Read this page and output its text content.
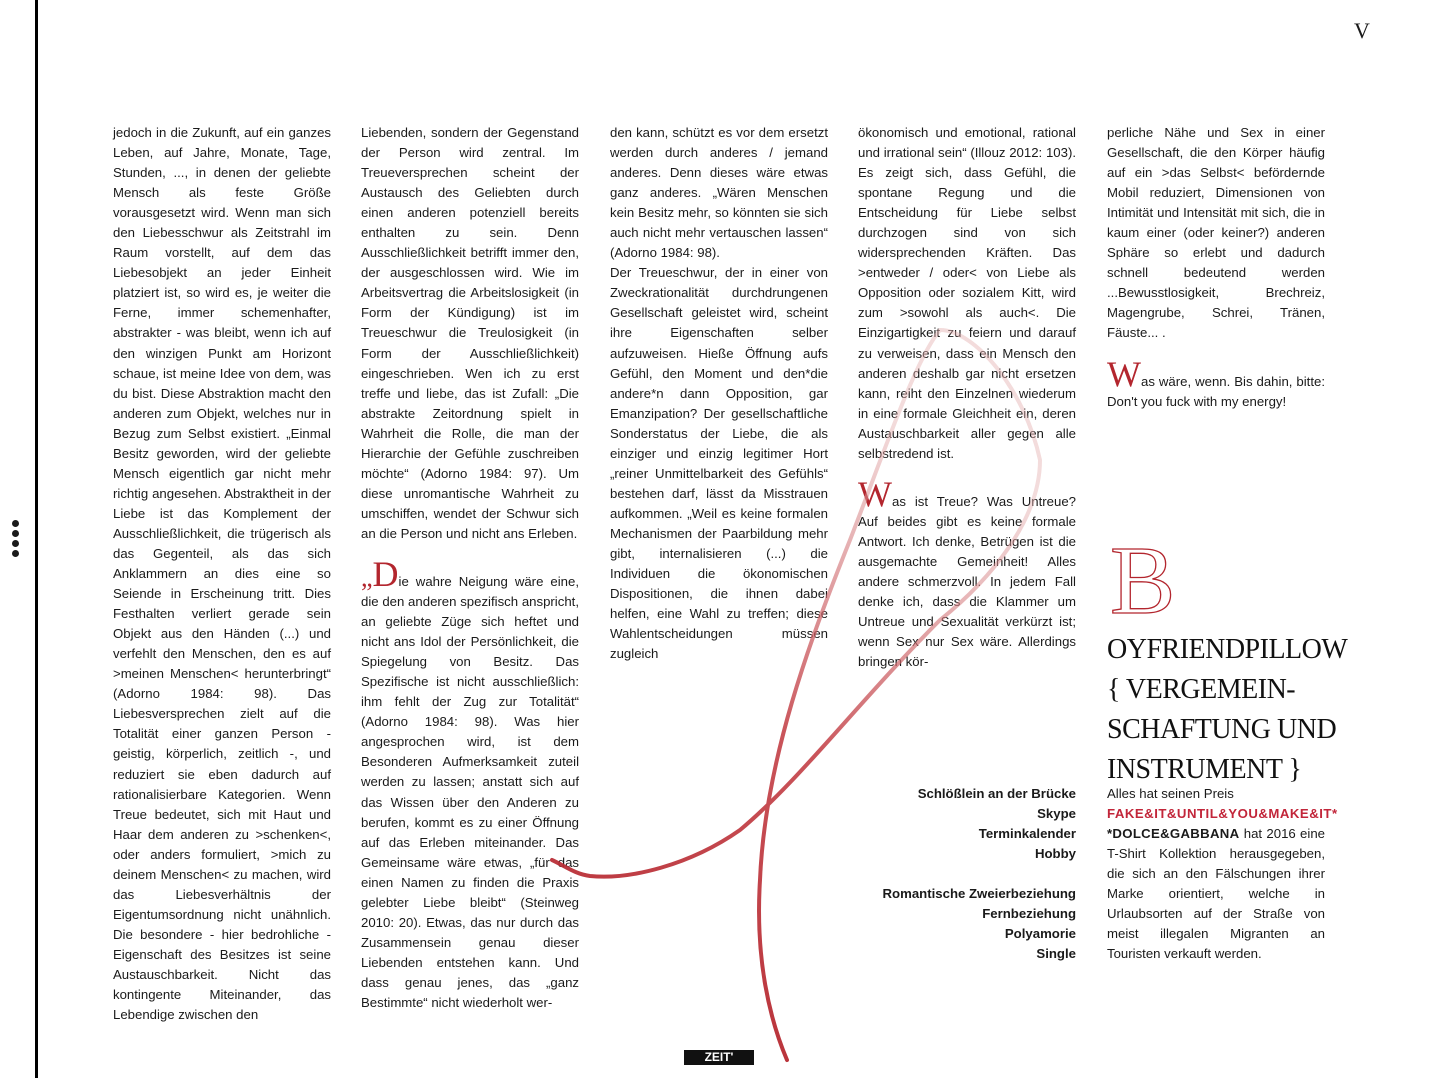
V

jedoch in die Zukunft, auf ein ganzes Leben, auf Jahre, Monate, Tage, Stunden, ..., in denen der geliebte Mensch als feste Größe vorausgesetzt wird. Wenn man sich den Liebesschwur als Zeitstrahl im Raum vorstellt, auf dem das Liebesobjekt an jeder Einheit platziert ist, so wird es, je weiter die Ferne, immer schemenhafter, abstrakter - was bleibt, wenn ich auf den winzigen Punkt am Horizont schaue, ist meine Idee von dem, was du bist. Diese Abstraktion macht den anderen zum Objekt, welches nur in Bezug zum Selbst existiert. „Einmal Besitz geworden, wird der geliebte Mensch eigentlich gar nicht mehr richtig angesehen. Abstraktheit in der Liebe ist das Komplement der Ausschließlichkeit, die trügerisch als das Gegenteil, als das sich Anklammern an dies eine so Seiende in Erscheinung tritt. Dies Festhalten verliert gerade sein Objekt aus den Händen (...) und verfehlt den Menschen, den es auf >meinen Menschen< herunterbringt“ (Adorno 1984: 98). Das Liebesversprechen zielt auf die Totalität einer ganzen Person - geistig, körperlich, zeitlich -, und reduziert sie eben dadurch auf rationalisierbare Kategorien. Wenn Treue bedeutet, sich mit Haut und Haar dem anderen zu >schenken<, oder anders formuliert, >mich zu deinem Menschen< zu machen, wird das Liebesverhältnis der Eigentumsordnung nicht unähnlich. Die besondere - hier bedrohliche - Eigenschaft des Besitzes ist seine Austauschbarkeit. Nicht das kontingente Miteinander, das Lebendige zwischen den

Liebenden, sondern der Gegenstand der Person wird zentral. Im Treueversprechen scheint der Austausch des Geliebten durch einen anderen potenziell bereits enthalten zu sein. Denn Ausschließlichkeit betrifft immer den, der ausgeschlossen wird. Wie im Arbeitsvertrag die Arbeitslosigkeit (in Form der Kündigung) ist im Treueschwur die Treulosigkeit (in Form der Ausschließlichkeit) eingeschrieben. Wen ich zu erst treffe und liebe, das ist Zufall: „Die abstrakte Zeitordnung spielt in Wahrheit die Rolle, die man der Hierarchie der Gefühle zuschreiben möchte“ (Adorno 1984: 97). Um diese unromantische Wahrheit zu umschiffen, wendet der Schwur sich an die Person und nicht ans Erleben.

„Die wahre Neigung wäre eine, die den anderen spezifisch anspricht, an geliebte Züge sich heftet und nicht ans Idol der Persönlichkeit, die Spiegelung von Besitz. Das Spezifische ist nicht ausschließlich: ihm fehlt der Zug zur Totalität“ (Adorno 1984: 98). Was hier angesprochen wird, ist dem Besonderen Aufmerksamkeit zuteil werden zu lassen; anstatt sich auf das Wissen über den Anderen zu berufen, kommt es zu einer Öffnung auf das Erleben miteinander. Das Gemeinsame wäre etwas, „für das einen Namen zu finden die Praxis gelebter Liebe bleibt“ (Steinweg 2010: 20). Etwas, das nur durch das Zusammensein genau dieser Liebenden entstehen kann. Und dass genau jenes, das „ganz Bestimmte“ nicht wiederholt wer-

den kann, schützt es vor dem ersetzt werden durch anderes / jemand anderes. Denn dieses wäre etwas ganz anderes. „Wären Menschen kein Besitz mehr, so könnten sie sich auch nicht mehr vertauschen lassen“ (Adorno 1984: 98).

Der Treueschwur, der in einer von Zweckrationalität durchdrungenen Gesellschaft geleistet wird, scheint ihre Eigenschaften selber aufzuweisen. Hieße Öffnung aufs Gefühl, den Moment und den*die andere*n dann Opposition, gar Emanzipation? Der gesellschaftliche Sonderstatus der Liebe, die als einziger und einzig legitimer Hort „reiner Unmittelbarkeit des Gefühls“ bestehen darf, lässt da Misstrauen aufkommen. „Weil es keine formalen Mechanismen der Paarbildung mehr gibt, internalisieren (...) die Individuen die ökonomischen Dispositionen, die ihnen dabei helfen, eine Wahl zu treffen; diese Wahlentscheidungen müssen zugleich

ökonomisch und emotional, rational und irrational sein“ (Illouz 2012: 103). Es zeigt sich, dass Gefühl, die spontane Regung und die Entscheidung für Liebe selbst durchzogen sind von sich widersprechenden Kräften. Das >entweder / oder< von Liebe als Opposition oder sozialem Kitt, wird zum >sowohl als auch<. Die Einzigartigkeit zu feiern und darauf zu verweisen, dass ein Mensch den anderen deshalb gar nicht ersetzen kann, reiht den Einzelnen wiederum in eine formale Gleichheit ein, deren Austauschbarkeit aller gegen alle selbstredend ist.

Was ist Treue? Was Untreue? Auf beides gibt es keine formale Antwort. Ich denke, Betrügen ist die ausgemachte Gemeinheit! Alles andere schmerzvoll. In jedem Fall denke ich, dass die Klammer um Untreue und Sexualität verkürzt ist; wenn Sex nur Sex wäre. Allerdings bringen kör-

perliche Nähe und Sex in einer Gesellschaft, die den Körper häufig auf ein >das Selbst< befördernde Mobil reduziert, Dimensionen von Intimität und Intensität mit sich, die in kaum einer (oder keiner?) anderen Sphäre so erlebt und dadurch schnell bedeutend werden ...Bewusstlosigkeit, Brechreiz, Magengrube, Schrei, Tränen, Fäuste... .

Was wäre, wenn. Bis dahin, bitte: Don't you fuck with my energy!

Schlößlein an der Brücke
Skype
Terminkalender
Hobby
Romantische Zweierbeziehung
Fernbeziehung
Polyamorie
Single
B
OYFRIENDPILLOW
{ VERGEMEIN-
SCHAFTUNG UND
INSTRUMENT }

Alles hat seinen Preis

FAKE&IT&UNTIL&YOU&MAKE&IT*

*DOLCE&GABBANA hat 2016 eine T-Shirt Kollektion herausgegeben, die sich an den Fälschungen ihrer Marke orientiert, welche in Urlaubsorten auf der Straße von meist illegalen Migranten an Touristen verkauft werden.

ZEIT'
